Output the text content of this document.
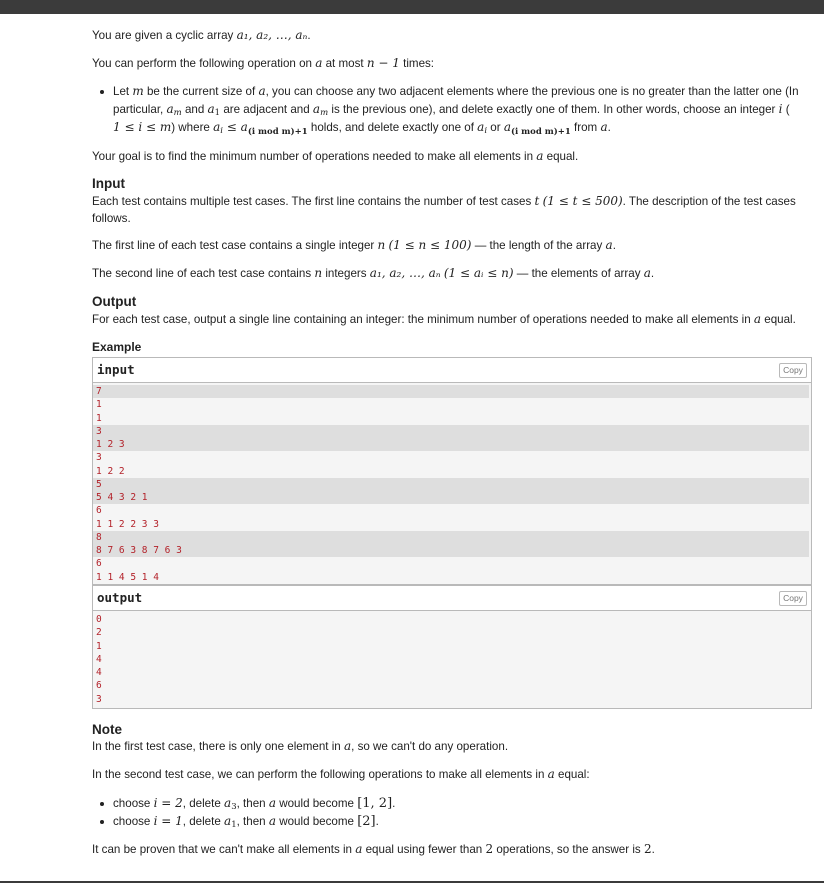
You are given a cyclic array a₁, a₂, …, aₙ.
You can perform the following operation on a at most n − 1 times:
Let m be the current size of a, you can choose any two adjacent elements where the previous one is no greater than the latter one (In
particular, $a_m$ and $a_1$ are adjacent and $a_m$ is the previous one), and delete exactly one of them. In other words, choose an integer i (
1 ≤ i ≤ m) where $a_i \le a_{(i mod m)+1}$ holds, and delete exactly one of $a_i$ or $a_{(i mod m)+1}$ from a.
Your goal is to find the minimum number of operations needed to make all elements in a equal.
Input
Each test contains multiple test cases. The first line contains the number of test cases t (1 ≤ t ≤ 500). The description of the test cases
follows.
The first line of each test case contains a single integer n (1 ≤ n ≤ 100) — the length of the array a.
The second line of each test case contains n integers a₁, a₂, …, aₙ (1 ≤ aᵢ ≤ n) — the elements of array a.
Output
For each test case, output a single line containing an integer: the minimum number of operations needed to make all elements in a equal.
Example
input	Copy
7
1
1
3
1 2 3
3
1 2 2
5
5 4 3 2 1
6
1 1 2 2 3 3
8
8 7 6 3 8 7 6 3
6
1 1 4 5 1 4
output	Copy
0
2
1
4
4
6
3
Note
In the first test case, there is only one element in a, so we can't do any operation.
In the second test case, we can perform the following operations to make all elements in a equal:
choose i = 2, delete $a_3$, then a would become [1, 2].
choose i = 1, delete $a_1$, then a would become [2].
It can be proven that we can't make all elements in a equal using fewer than 2 operations, so the answer is 2.
